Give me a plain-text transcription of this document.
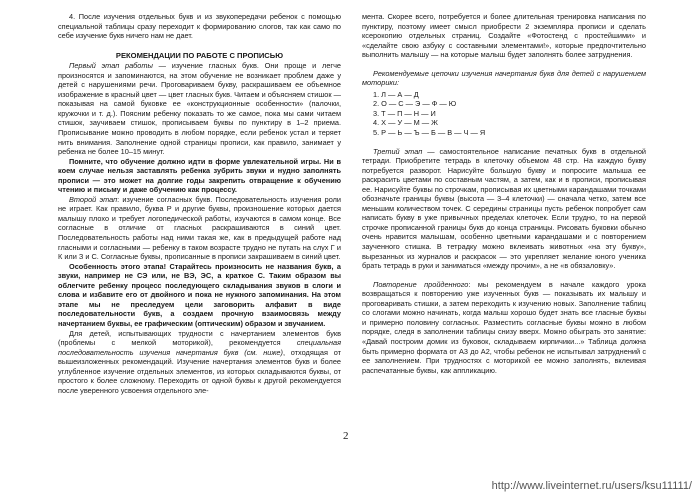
4. После изучения отдельных букв и из звукопередачи ребенок с помощью специальной таблицы сразу переходит к формированию слогов, так как само по себе изучение букв ничего нам не дает.

РЕКОМЕНДАЦИИ ПО РАБОТЕ С ПРОПИСЬЮ

Первый этап работы — изучение гласных букв. Они проще и легче произносятся и запоминаются, на этом обучение не возникает проблем даже у детей с нарушениями речи. Проговариваем букву, раскрашиваем ее объемное изображение в красный цвет — цвет гласных букв. Читаем и объясняем стишок — показывая на самой буковке ее «конструкционные особенности» (палочки, кружочки и т. д.). Поясним ребенку показать то же самое, пока мы сами читаем стишок, заучиваем стишок, прописываем буквы по пунктиру в 1–2 приема. Прописывание можно проводить в любом порядке, если ребенок устал и теряет нить внимания. Заполнение одной страницы прописи, как правило, занимает у ребенка не более 10–15 минут.

Помните, что обучение должно идти в форме увлекательной игры. Ни в коем случае нельзя заставлять ребенка зубрить звуки и нудно заполнять прописи — это может на долгие годы закрепить отвращение к обучению чтению и письму и даже обучению как процессу.

Второй этап: изучение согласных букв. Последовательность изучения роли не играет. Как правило, буква Р и другие буквы, произношение которых дается малышу плохо и требует логопедической работы, изучаются в самом конце. Все согласные в отличие от гласных раскрашиваются в синий цвет. Последовательность работы над ними такая же, как в предыдущей работе над гласными и согласными — ребенку в таком возрасте трудно не путать на слух Г и К или З и С. Согласные буквы, прописанные в прописи закрашиваем в синий цвет.

Особенность этого этапа! Старайтесь произносить не названия букв, а звуки, например не СЭ или, не ВЭ, ЭС, а краткое С. Таким образом вы облегчите ребенку процесс последующего складывания звуков в слоги и слова и избавите его от двойного и пока не нужного запоминания. На этом этапе мы не преследуем цели заговорить алфавит в виде последовательности букв, а создаем прочную взаимосвязь между начертанием буквы, ее графическим (оптическим) образом и звучанием.

Для детей, испытывающих трудности с начертанием элементов букв (проблемы с мелкой моторикой), рекомендуется специальная последовательность изучения начертания букв (см. ниже), отходящая от вышеизложенных рекомендаций. Изучение начертания элементов букв и более углубленное изучение отдельных элементов, из которых складываются буквы, от простого к более сложному. Переходить от одной буквы к другой рекомендуется после уверенного усвоения отдельного эле-

мента. Скорее всего, потребуется и более длительная тренировка написания по пунктиру, поэтому имеет смысл приобрести 2 экземпляра прописи и сделать ксерокопию отдельных страниц. Создайте «Фотостенд с простейшими» и «сделайте свою азбуку с составными элементами!», которые предпочтительно выполнить малышу — на которые малыш будет заполнять более затруднения.

Рекомендуемые цепочки изучения начертания букв для детей с нарушением моторики:

1. Л — А — Д
2. О — С — Э — Ф — Ю
3. Т — П — Н — И
4. Х — У — М — Ж
5. Р — Ь — Ъ — Б — В — Ч — Я

Третий этап — самостоятельное написание печатных букв в отдельной тетради. Приобретите тетрадь в клеточку объемом 48 стр. На каждую букву потребуется разворот. Нарисуйте большую букву и попросите малыша ее раскрасить цветами по составным частям, а затем, как и в прописи, прописывая ее. Нарисуйте буквы по строчкам, прописывая их цветными карандашами точками обозначьте границы буквы (высота — 3–4 клеточки) — сначала четко, затем все меньшим количеством точек. С середины страницы пусть ребенок попробует сам написать букву в уже привычных пределах клеточек. Если трудно, то на первой строчке прописанной границы букв до конца страницы. Рисовать буковки обычно очень нравится малышам, особенно цветными карандашами и с повторением заученного стишка. В тетрадку можно вклеивать животных «на эту букву», вырезанных из журналов и раскрасок — это укрепляет желание юного ученика брать тетрадь в руки и заниматься «между прочим», а не «в обязаловку».

Повторение пройденного: мы рекомендуем в начале каждого урока возвращаться к повторению уже изученных букв — показывать их малышу и проговаривать стишки, а затем переходить к изучению новых. Заполнение таблиц со слогами можно начинать, когда малыш хорошо будет знать все гласные буквы и примерно половину согласных. Разместить согласные буквы можно в любом порядке, следя в заполнении таблицы снизу вверх. Можно обыграть это занятие: «Давай построим домик из буковок, складываем кирпичики...» Таблица должна быть примерно формата от А3 до А2, чтобы ребенок не испытывал затруднений с ее заполнением. При трудностях с моторикой ее можно заполнять, вклеивая распечатанные буквы, как аппликацию.

2
http://www.liveinternet.ru/users/ksu11111/
